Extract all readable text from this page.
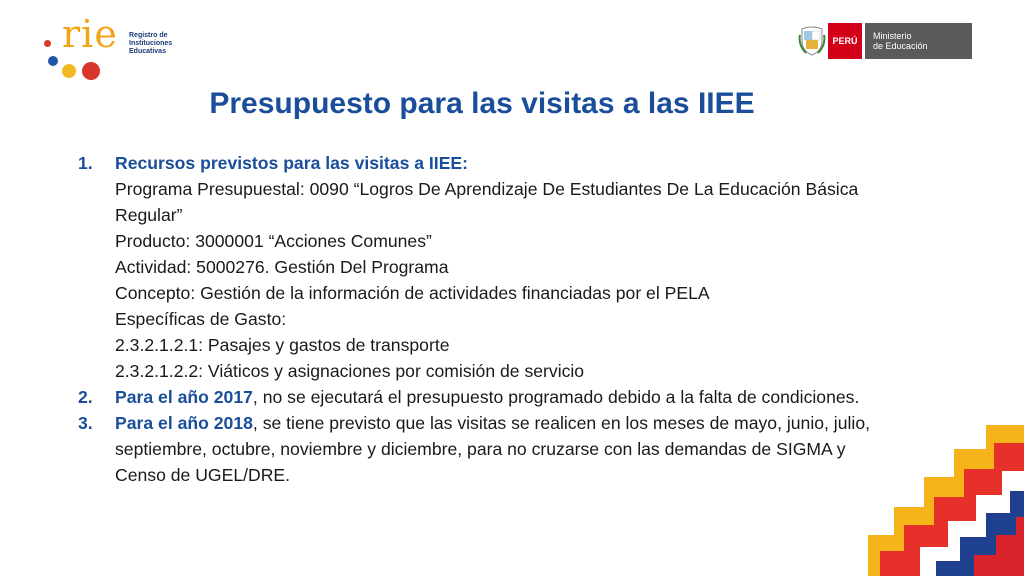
rie Registro de
Instituciones
Educativas
PERÚ	Ministerio
de Educación
Presupuesto para las visitas a las IIEE
1. Recursos previstos para las visitas a IIEE:
Programa Presupuestal: 0090 “Logros De Aprendizaje De Estudiantes De La Educación Básica
Regular”
Producto: 3000001 “Acciones Comunes”
Actividad: 5000276. Gestión Del Programa
Concepto: Gestión de la información de actividades financiadas por el PELA
Específicas de Gasto:
2.3.2.1.2.1: Pasajes y gastos de transporte
2.3.2.1.2.2: Viáticos y asignaciones por comisión de servicio
2. Para el año 2017, no se ejecutará el presupuesto programado debido a la falta de condiciones.
3. Para el año 2018, se tiene previsto que las visitas se realicen en los meses de mayo, junio, julio,
septiembre, octubre, noviembre y diciembre, para no cruzarse con las demandas de SIGMA y
Censo de UGEL/DRE.
